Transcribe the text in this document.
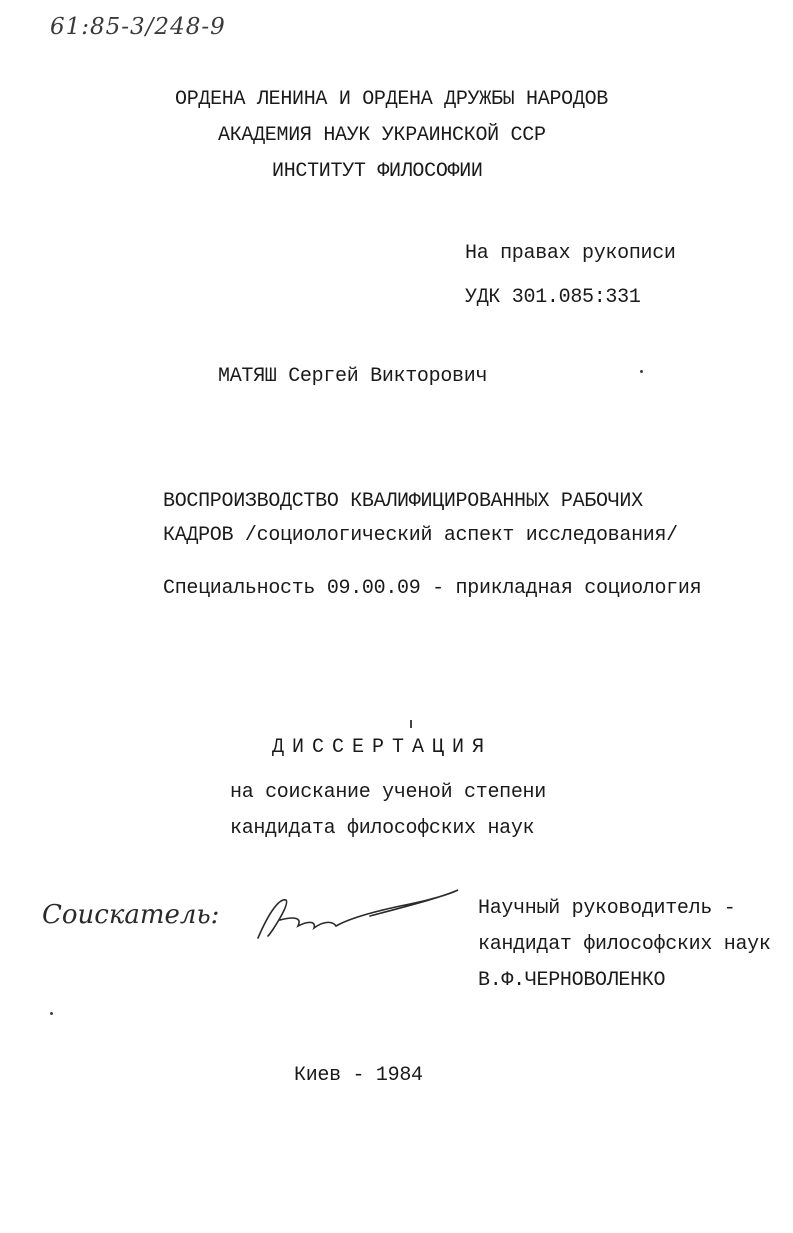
61:85-3/248-9
ОРДЕНА ЛЕНИНА И ОРДЕНА ДРУЖБЫ НАРОДОВ
АКАДЕМИЯ НАУК УКРАИНСКОЙ ССР
ИНСТИТУТ ФИЛОСОФИИ
На правах рукописи
УДК 301.085:331
МАТЯШ Сергей Викторович
ВОСПРОИЗВОДСТВО КВАЛИФИЦИРОВАННЫХ РАБОЧИХ
КАДРОВ /социологический аспект исследования/
Специальность 09.00.09 - прикладная социология
ДИССЕРТАЦИЯ
на соискание ученой степени
кандидата философских наук
Соискатель:	Научный руководитель -
кандидат философских наук
В.Ф.ЧЕРНОВОЛЕНКО
Киев - 1984
